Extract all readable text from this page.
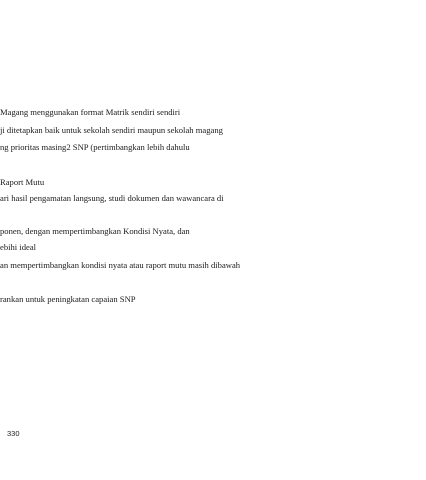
Magang menggunakan format Matrik sendiri sendiri
ji ditetapkan baik untuk sekolah sendiri maupun sekolah magang
ng prioritas masing2 SNP (pertimbangkan lebih dahulu
Raport Mutu
ari hasil pengamatan langsung, studi dokumen dan wawancara di
ponen, dengan mempertimbangkan Kondisi Nyata, dan
ebihi ideal
an mempertimbangkan kondisi nyata atau raport mutu masih dibawah
rankan untuk peningkatan capaian SNP
330
